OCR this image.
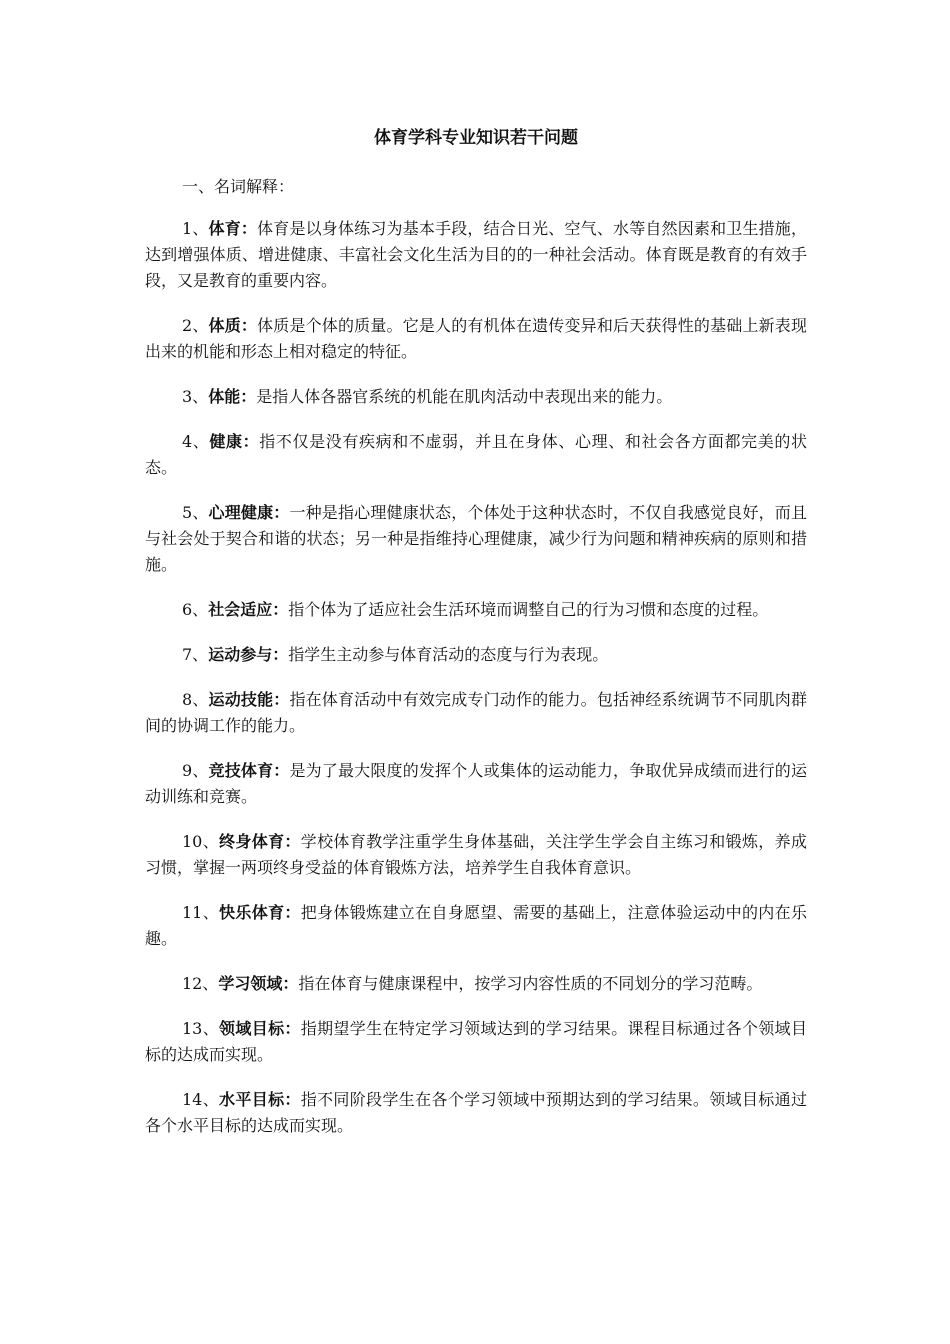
体育学科专业知识若干问题
一、名词解释：

1、体育：体育是以身体练习为基本手段，结合日光、空气、水等自然因素和卫生措施，达到增强体质、增进健康、丰富社会文化生活为目的的一种社会活动。体育既是教育的有效手段，又是教育的重要内容。

2、体质：体质是个体的质量。它是人的有机体在遗传变异和后天获得性的基础上新表现出来的机能和形态上相对稳定的特征。

3、体能：是指人体各器官系统的机能在肌肉活动中表现出来的能力。

4、健康：指不仅是没有疾病和不虚弱，并且在身体、心理、和社会各方面都完美的状态。

5、心理健康：一种是指心理健康状态，个体处于这种状态时，不仅自我感觉良好，而且与社会处于契合和谐的状态；另一种是指维持心理健康，减少行为问题和精神疾病的原则和措施。

6、社会适应：指个体为了适应社会生活环境而调整自己的行为习惯和态度的过程。

7、运动参与：指学生主动参与体育活动的态度与行为表现。

8、运动技能：指在体育活动中有效完成专门动作的能力。包括神经系统调节不同肌肉群间的协调工作的能力。

9、竞技体育：是为了最大限度的发挥个人或集体的运动能力，争取优异成绩而进行的运动训练和竞赛。

10、终身体育：学校体育教学注重学生身体基础，关注学生学会自主练习和锻炼，养成习惯，掌握一两项终身受益的体育锻炼方法，培养学生自我体育意识。

11、快乐体育：把身体锻炼建立在自身愿望、需要的基础上，注意体验运动中的内在乐趣。

12、学习领域：指在体育与健康课程中，按学习内容性质的不同划分的学习范畴。

13、领域目标：指期望学生在特定学习领域达到的学习结果。课程目标通过各个领域目标的达成而实现。

14、水平目标：指不同阶段学生在各个学习领域中预期达到的学习结果。领域目标通过各个水平目标的达成而实现。
